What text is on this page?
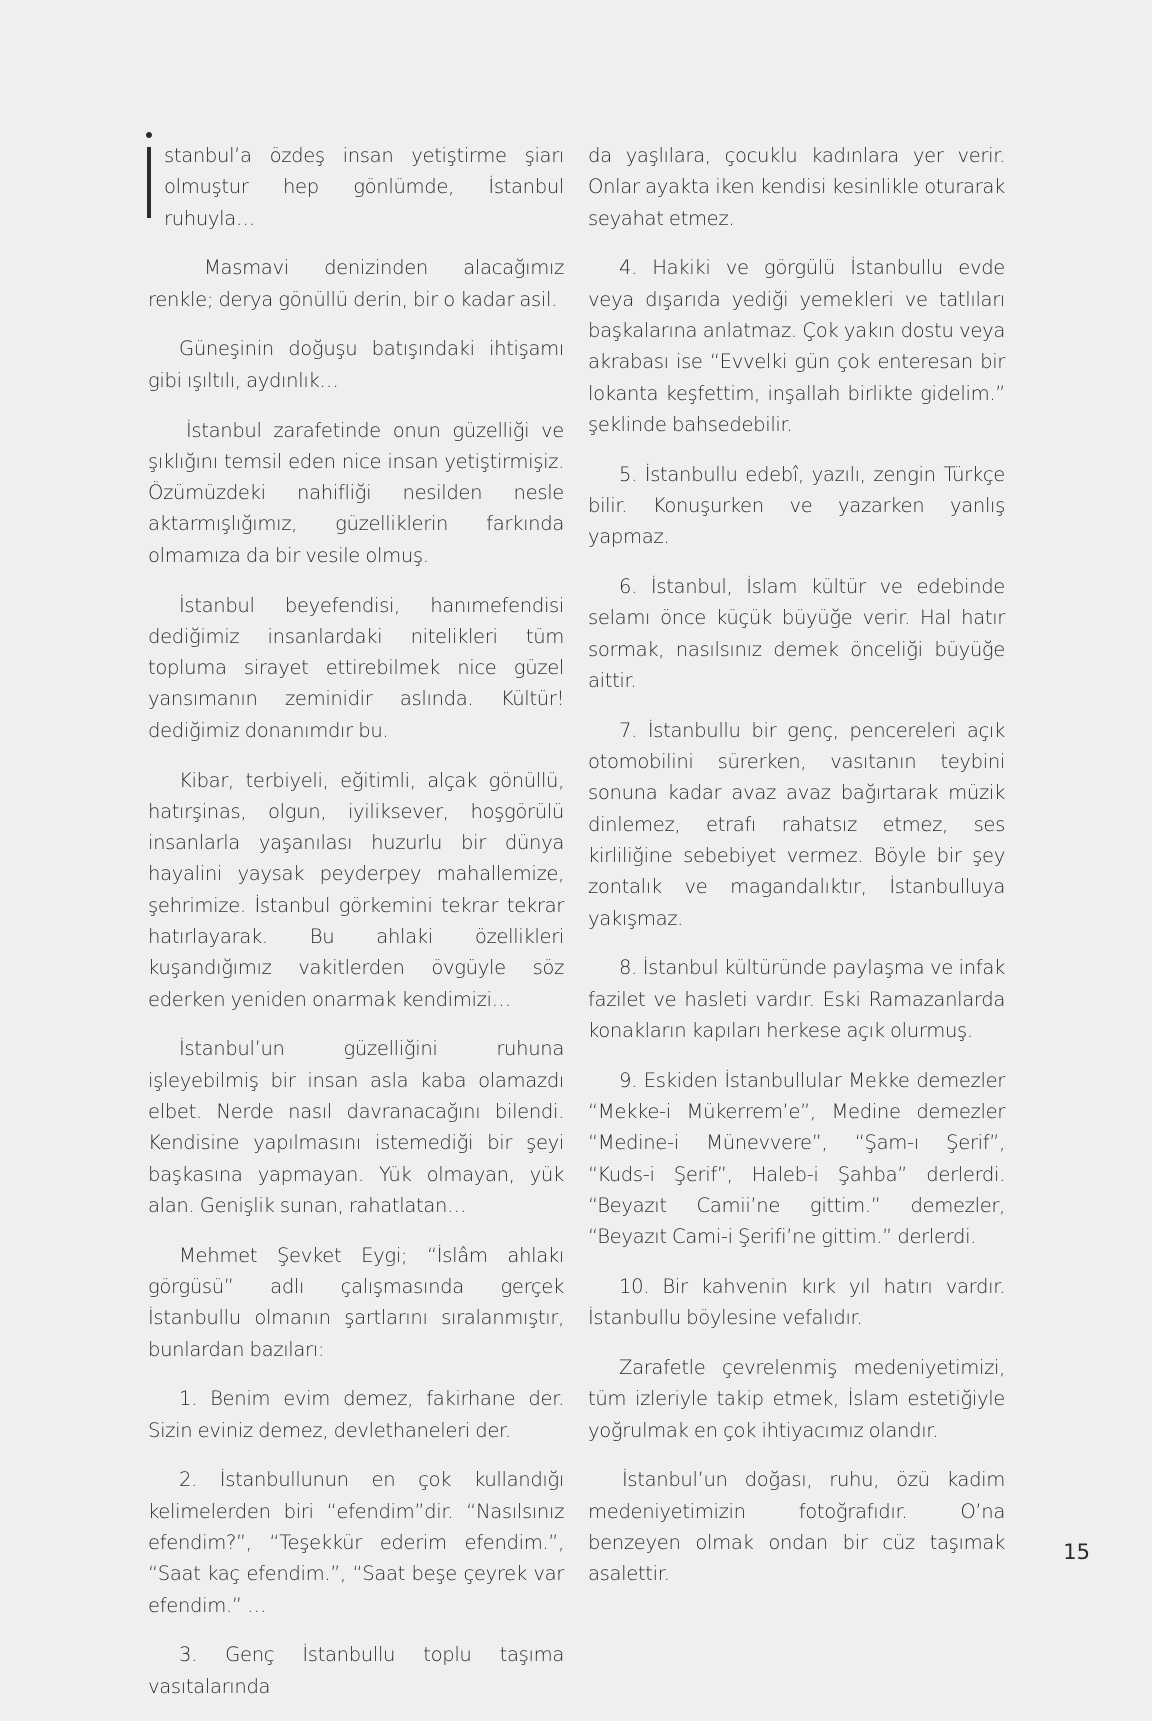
stanbul’a özdeş insan yetiştirme şiarı olmuştur hep gönlümde, İstanbul ruhuyla…

Masmavi denizinden alacağımız renkle; derya gönüllü derin, bir o kadar asil.

Güneşinin doğuşu batışındaki ihtişamı gibi ışıltılı, aydınlık…

İstanbul zarafetinde onun güzelliği ve şıklığını temsil eden nice insan yetiştirmişiz. Özümüzdeki nahifliği nesilden nesle aktarmışlığımız, güzelliklerin farkında olmamıza da bir vesile olmuş.

İstanbul beyefendisi, hanımefendisi dediğimiz insanlardaki nitelikleri tüm topluma sirayet ettirebilmek nice güzel yansımanın zeminidir aslında. Kültür! dediğimiz donanımdır bu.

Kibar, terbiyeli, eğitimli, alçak gönüllü, hatırşinas, olgun, iyiliksever, hoşgörülü insanlarla yaşanılası huzurlu bir dünya hayalini yaysak peyderpey mahallemize, şehrimize. İstanbul görkemini tekrar tekrar hatırlayarak. Bu ahlaki özellikleri kuşandığımız vakitlerden övgüyle söz ederken yeniden onarmak kendimizi…

İstanbul’un güzelliğini ruhuna işleyebilmiş bir insan asla kaba olamazdı elbet. Nerde nasıl davranacağını bilendi. Kendisine yapılmasını istemediği bir şeyi başkasına yapmayan. Yük olmayan, yük alan. Genişlik sunan, rahatlatan…

Mehmet Şevket Eygi; “İslâm ahlakı görgüsü” adlı çalışmasında gerçek İstanbullu olmanın şartlarını sıralanmıştır, bunlardan bazıları:

1. Benim evim demez, fakirhane der. Sizin eviniz demez, devlethaneleri der.

2. İstanbullunun en çok kullandığı kelimelerden biri “efendim”dir. “Nasılsınız efendim?”, “Teşekkür ederim efendim.”, “Saat kaç efendim.”, “Saat beşe çeyrek var efendim.” …

3. Genç İstanbullu toplu taşıma vasıtalarında

da yaşlılara, çocuklu kadınlara yer verir. Onlar ayakta iken kendisi kesinlikle oturarak seyahat etmez.

4. Hakiki ve görgülü İstanbullu evde veya dışarıda yediği yemekleri ve tatlıları başkalarına anlatmaz. Çok yakın dostu veya akrabası ise “Evvelki gün çok enteresan bir lokanta keşfettim, inşallah birlikte gidelim.” şeklinde bahsedebilir.

5. İstanbullu edebî, yazılı, zengin Türkçe bilir. Konuşurken ve yazarken yanlış yapmaz.

6. İstanbul, İslam kültür ve edebinde selamı önce küçük büyüğe verir. Hal hatır sormak, nasılsınız demek önceliği büyüğe aittir.

7. İstanbullu bir genç, pencereleri açık otomobilini sürerken, vasıtanın teybini sonuna kadar avaz avaz bağırtarak müzik dinlemez, etrafı rahatsız etmez, ses kirliliğine sebebiyet vermez. Böyle bir şey zontalık ve magandalıktır, İstanbulluya yakışmaz.

8. İstanbul kültüründe paylaşma ve infak fazilet ve hasleti vardır. Eski Ramazanlarda konakların kapıları herkese açık olurmuş.

9. Eskiden İstanbullular Mekke demezler “Mekke-i Mükerrem’e”, Medine demezler “Medine-i Münevvere”, “Şam-ı Şerif”, “Kuds-i Şerif”, Haleb-i Şahba” derlerdi. “Beyazıt Camii’ne gittim.” demezler, “Beyazıt Cami-i Şerifi’ne gittim.” derlerdi.

10. Bir kahvenin kırk yıl hatırı vardır. İstanbullu böylesine vefalıdır.

Zarafetle çevrelenmiş medeniyetimizi, tüm izleriyle takip etmek, İslam estetiğiyle yoğrulmak en çok ihtiyacımız olandır.

İstanbul’un doğası, ruhu, özü kadim medeniyetimizin fotoğrafıdır. O’na benzeyen olmak ondan bir cüz taşımak asalettir.

15
